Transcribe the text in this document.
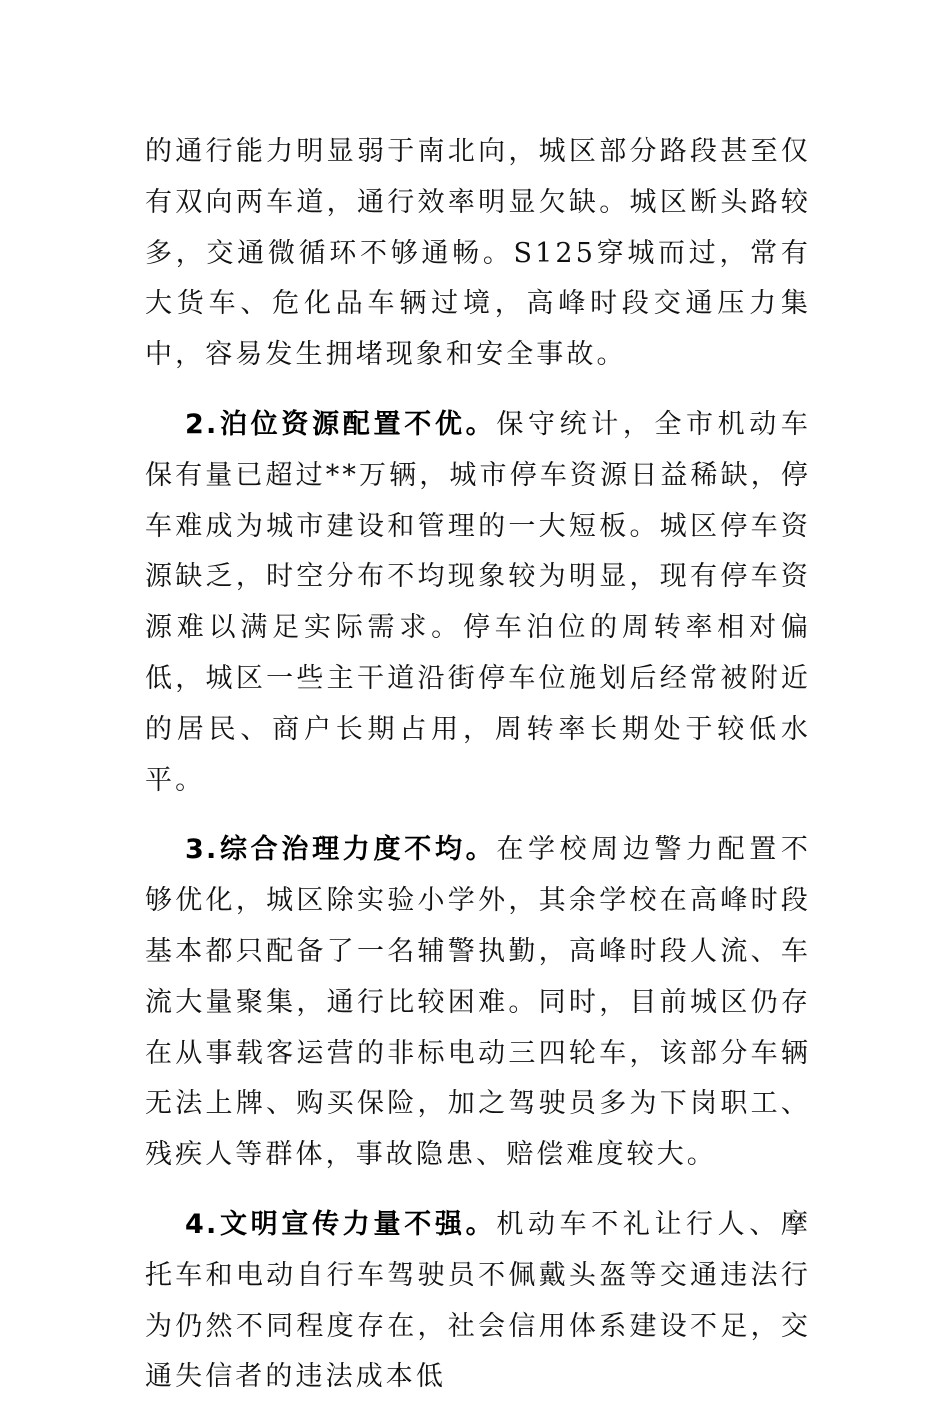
的通行能力明显弱于南北向，城区部分路段甚至仅有双向两车道，通行效率明显欠缺。城区断头路较多，交通微循环不够通畅。S125穿城而过，常有大货车、危化品车辆过境，高峰时段交通压力集中，容易发生拥堵现象和安全事故。

2.泊位资源配置不优。保守统计，全市机动车保有量已超过**万辆，城市停车资源日益稀缺，停车难成为城市建设和管理的一大短板。城区停车资源缺乏，时空分布不均现象较为明显，现有停车资源难以满足实际需求。停车泊位的周转率相对偏低，城区一些主干道沿街停车位施划后经常被附近的居民、商户长期占用，周转率长期处于较低水平。

3.综合治理力度不均。在学校周边警力配置不够优化，城区除实验小学外，其余学校在高峰时段基本都只配备了一名辅警执勤，高峰时段人流、车流大量聚集，通行比较困难。同时，目前城区仍存在从事载客运营的非标电动三四轮车，该部分车辆无法上牌、购买保险，加之驾驶员多为下岗职工、残疾人等群体，事故隐患、赔偿难度较大。

4.文明宣传力量不强。机动车不礼让行人、摩托车和电动自行车驾驶员不佩戴头盔等交通违法行为仍然不同程度存在，社会信用体系建设不足，交通失信者的违法成本低
